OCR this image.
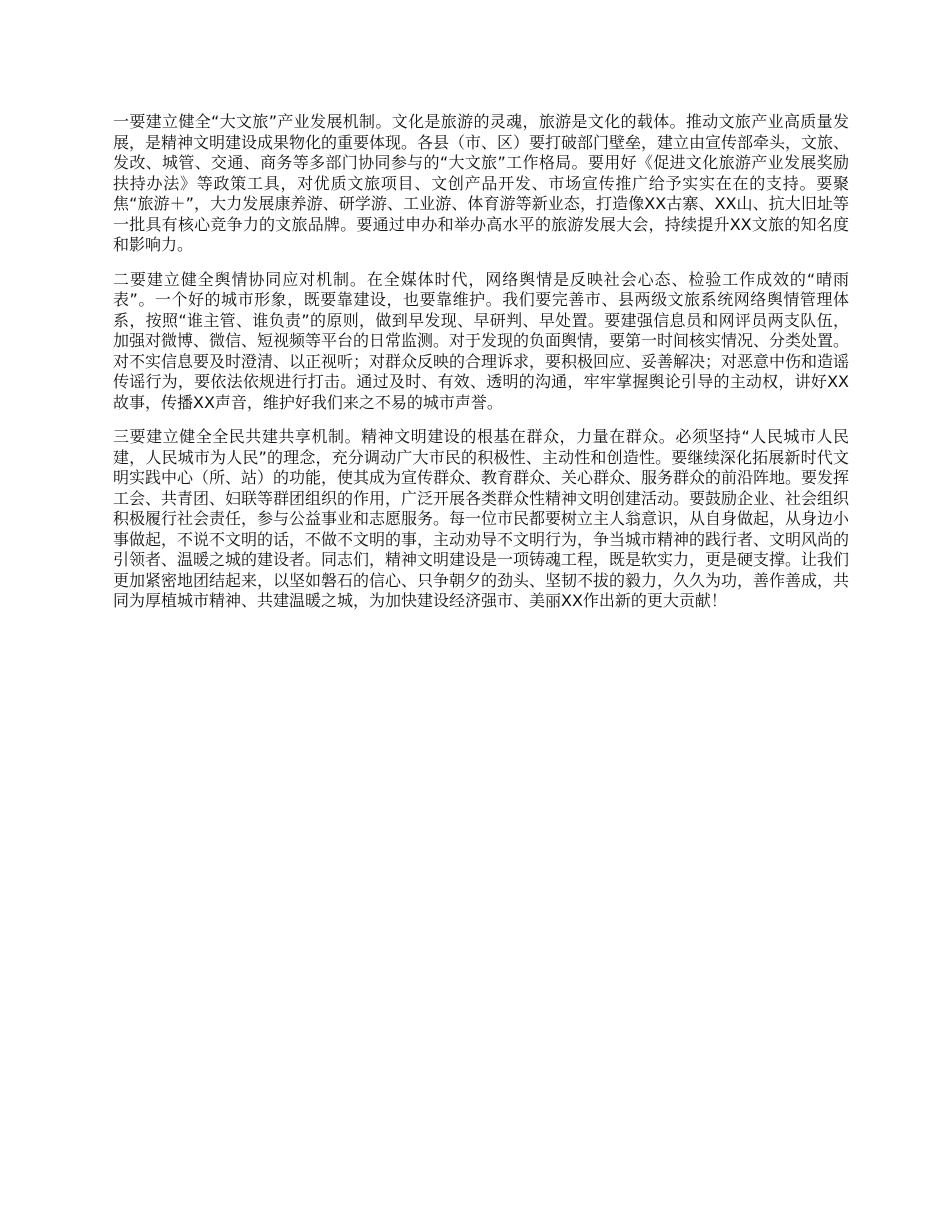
一要建立健全“大文旅”产业发展机制。文化是旅游的灵魂，旅游是文化的载体。推动文旅产业高质量发展，是精神文明建设成果物化的重要体现。各县（市、区）要打破部门壁垒，建立由宣传部牵头，文旅、发改、城管、交通、商务等多部门协同参与的“大文旅”工作格局。要用好《促进文化旅游产业发展奖励扶持办法》等政策工具，对优质文旅项目、文创产品开发、市场宣传推广给予实实在在的支持。要聚焦“旅游＋”，大力发展康养游、研学游、工业游、体育游等新业态，打造像XX古寨、XX山、抗大旧址等一批具有核心竞争力的文旅品牌。要通过申办和举办高水平的旅游发展大会，持续提升XX文旅的知名度和影响力。

二要建立健全舆情协同应对机制。在全媒体时代，网络舆情是反映社会心态、检验工作成效的“晴雨表”。一个好的城市形象，既要靠建设，也要靠维护。我们要完善市、县两级文旅系统网络舆情管理体系，按照“谁主管、谁负责”的原则，做到早发现、早研判、早处置。要建强信息员和网评员两支队伍，加强对微博、微信、短视频等平台的日常监测。对于发现的负面舆情，要第一时间核实情况、分类处置。对不实信息要及时澄清、以正视听；对群众反映的合理诉求，要积极回应、妥善解决；对恶意中伤和造谣传谣行为，要依法依规进行打击。通过及时、有效、透明的沟通，牢牢掌握舆论引导的主动权，讲好XX故事，传播XX声音，维护好我们来之不易的城市声誉。

三要建立健全全民共建共享机制。精神文明建设的根基在群众，力量在群众。必须坚持“人民城市人民建，人民城市为人民”的理念，充分调动广大市民的积极性、主动性和创造性。要继续深化拓展新时代文明实践中心（所、站）的功能，使其成为宣传群众、教育群众、关心群众、服务群众的前沿阵地。要发挥工会、共青团、妇联等群团组织的作用，广泛开展各类群众性精神文明创建活动。要鼓励企业、社会组织积极履行社会责任，参与公益事业和志愿服务。每一位市民都要树立主人翁意识，从自身做起，从身边小事做起，不说不文明的话，不做不文明的事，主动劝导不文明行为，争当城市精神的践行者、文明风尚的引领者、温暖之城的建设者。同志们，精神文明建设是一项铸魂工程，既是软实力，更是硬支撑。让我们更加紧密地团结起来，以坚如磐石的信心、只争朝夕的劲头、坚韧不拔的毅力，久久为功，善作善成，共同为厚植城市精神、共建温暖之城，为加快建设经济强市、美丽XX作出新的更大贡献！
